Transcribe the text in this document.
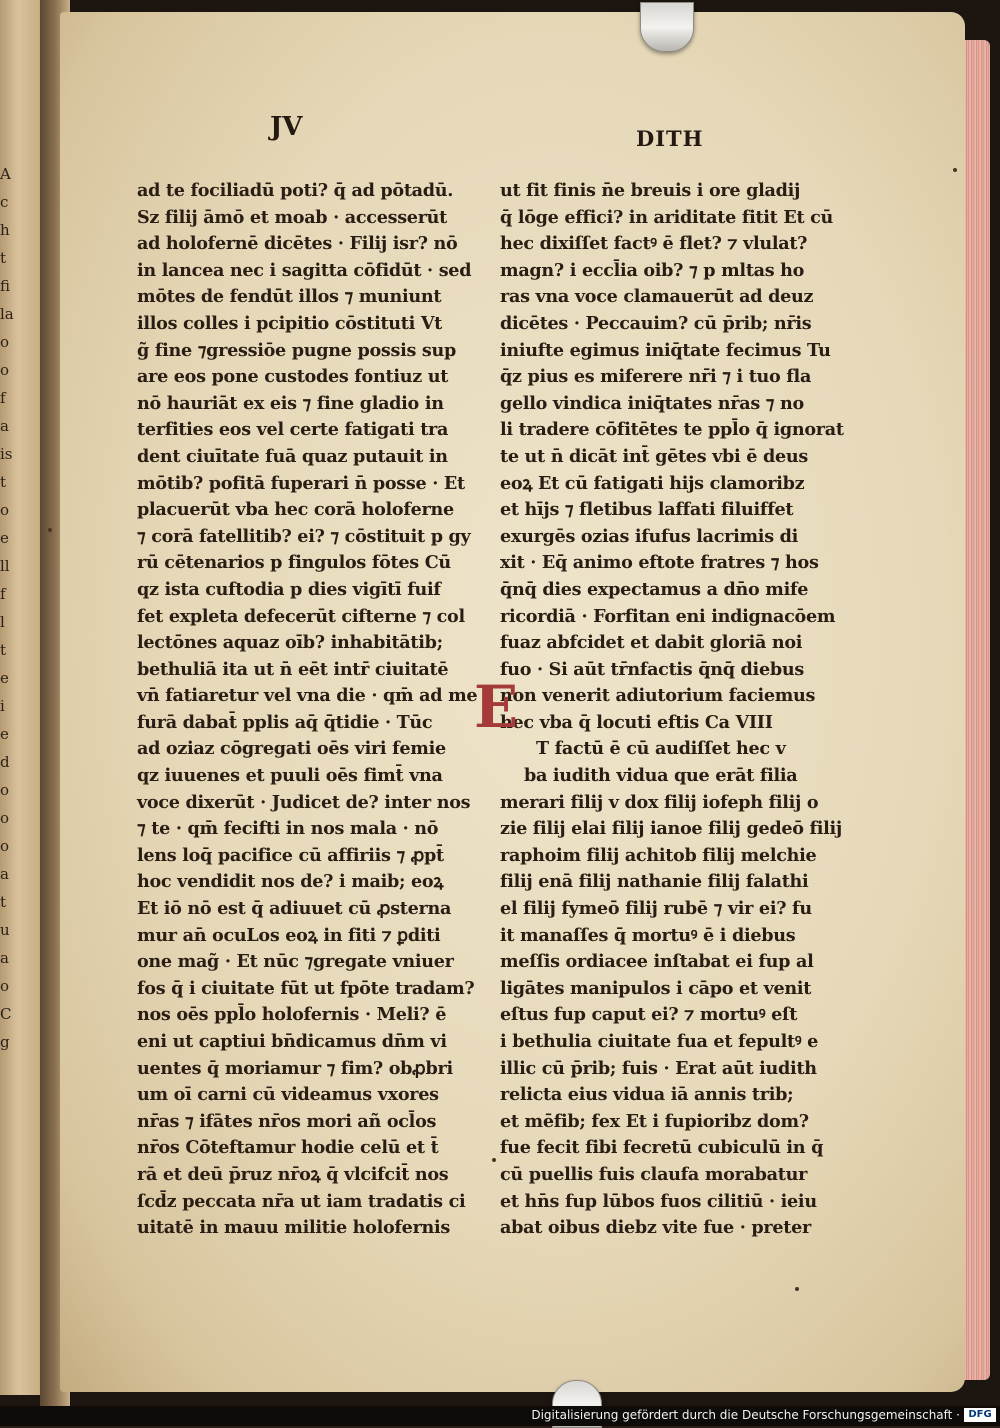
A
c
h
t
fi
la
o
o
f
a
is
t
o
e
ll
f
l
t
e
i
e
d
o
o
o
a
t
u
a
o
C
g
JV	DITH
ad te fociliadū poti? q̄ ad pōtadū.
Sz filij āmō et moab · accesserūt
ad holofernē dicētes · Filij isr? nō
in lancea nec i sagitta cōfidūt · sed
mōtes de fendūt illos ⁊ muniunt
illos colles i pcipitio cōstituti Vt
g̃ fine ⁊gressiōe pugne possis sup
are eos pone custodes fontiuz ut
nō hauriāt ex eis ⁊ fine gladio in
terfities eos vel certe fatigati tra
dent ciuītate fuā quaz putauit in
mōtib? pofitā fuperari n̄ posse · Et
placuerūt vba hec corā holoferne
⁊ corā fatellitib? ei? ⁊ cōstituit p gy
rū cētenarios p fingulos fōtes Cū
qz ista cuftodia p dies vigītī fuif
fet expleta defecerūt cifterne ⁊ col
lectōnes aquaz oīb? inhabitātib;
bethuliā ita ut n̄ eēt intr̄ ciuitatē
vn̄ fatiaretur vel vna die · qm̄ ad me
furā dabat̄ pplis aq̄ q̄tidie · Tūc
ad oziaz cōgregati oēs viri femie
qz iuuenes et puuli oēs fimt̄ vna
voce dixerūt · Judicet de? inter nos
⁊ te · qm̄ fecifti in nos mala · nō
lens loq̄ pacifice cū affiriis ⁊ ꝓpt̄
hoc vendidit nos de? i maib; eoꝝ
Et iō nō est q̄ adiuuet cū ꝓsterna
mur an̄ ocuLos eoꝝ in fiti ⁊ ꝑditi
one mag̃ · Et nūc ⁊gregate vniuer
fos q̄ i ciuitate fūt ut fpōte tradam?
nos oēs ppl̄o holofernis · Meli? ē
eni ut captiui bn̄dicamus dn̄m vi
uentes q̄ moriamur ⁊ fim? obꝓbri
um oī carni cū videamus vxores
nr̄as ⁊ ifātes nr̄os mori añ ocl̄os
nr̄os Cōteftamur hodie celū et t̄
rā et deū p̄ruz nr̄oꝝ q̄ vlcifcit̄ nos
ſcd̄z peccata nr̄a ut iam tradatis ci
uitatē in mauu militie holofernis
ut fit finis n̄e breuis i ore gladij
q̄ lōge effici? in ariditate fitit Et cū
hec dixiſſet factꝰ ē flet? ⁊ vlulat?
magn? i eccl̄ia oib? ⁊ p mltas ho
ras vna voce clamauerūt ad deuz
dicētes · Peccauim? cū p̄rib; nr̄is
iniufte egimus iniq̄tate fecimus Tu
q̄z pius es miferere nr̄i ⁊ i tuo fla
gello vindica iniq̄tates nr̄as ⁊ no
li tradere cōfitētes te ppl̄o q̄ ignorat
te ut n̄ dicāt int̄ gētes vbi ē deus
eoꝝ Et cū fatigati hijs clamoribz
et hījs ⁊ fletibus laffati filuiffet
exurgēs ozias ifufus lacrimis di
xit · Eq̄ animo eftote fratres ⁊ hos
q̄nq̄ dies expectamus a dn̄o mife
ricordiā · Forfitan eni indignacōem
fuaz abfcidet et dabit gloriā noi
fuo · Si aūt tr̄nfactis q̄nq̄ diebus
non venerit adiutorium faciemus
hec vba q̄ locuti eftis Ca VIII
T factū ē cū audiſſet hec v
ba iudith vidua que erāt filia
merari filij v dox filij iofeph filij o
zie filij elai filij ianoe filij gedeō filij
raphoim filij achitob filij melchie
filij enā filij nathanie filij falathi
el filij fymeō filij rubē ⁊ vir ei? fu
it manaſſes q̄ mortuꝰ ē i diebus
meſſis ordiacee inſtabat ei fup al
ligātes manipulos i cāpo et venit
eſtus fup caput ei? ⁊ mortuꝰ eſt
i bethulia ciuitate fua et fepultꝰ e
illic cū p̄rib; fuis · Erat aūt iudith
relicta eius vidua iā annis trib;
et mēfib; fex Et i fupioribz dom?
fue fecit fibi fecretū cubiculū in q̄
cū puellis fuis claufa morabatur
et hn̄s fup lūbos fuos cilitiū · ieiu
abat oibus diebz vite fue · preter
E
Digitalisierung gefördert durch die Deutsche Forschungsgemeinschaft · DFG
